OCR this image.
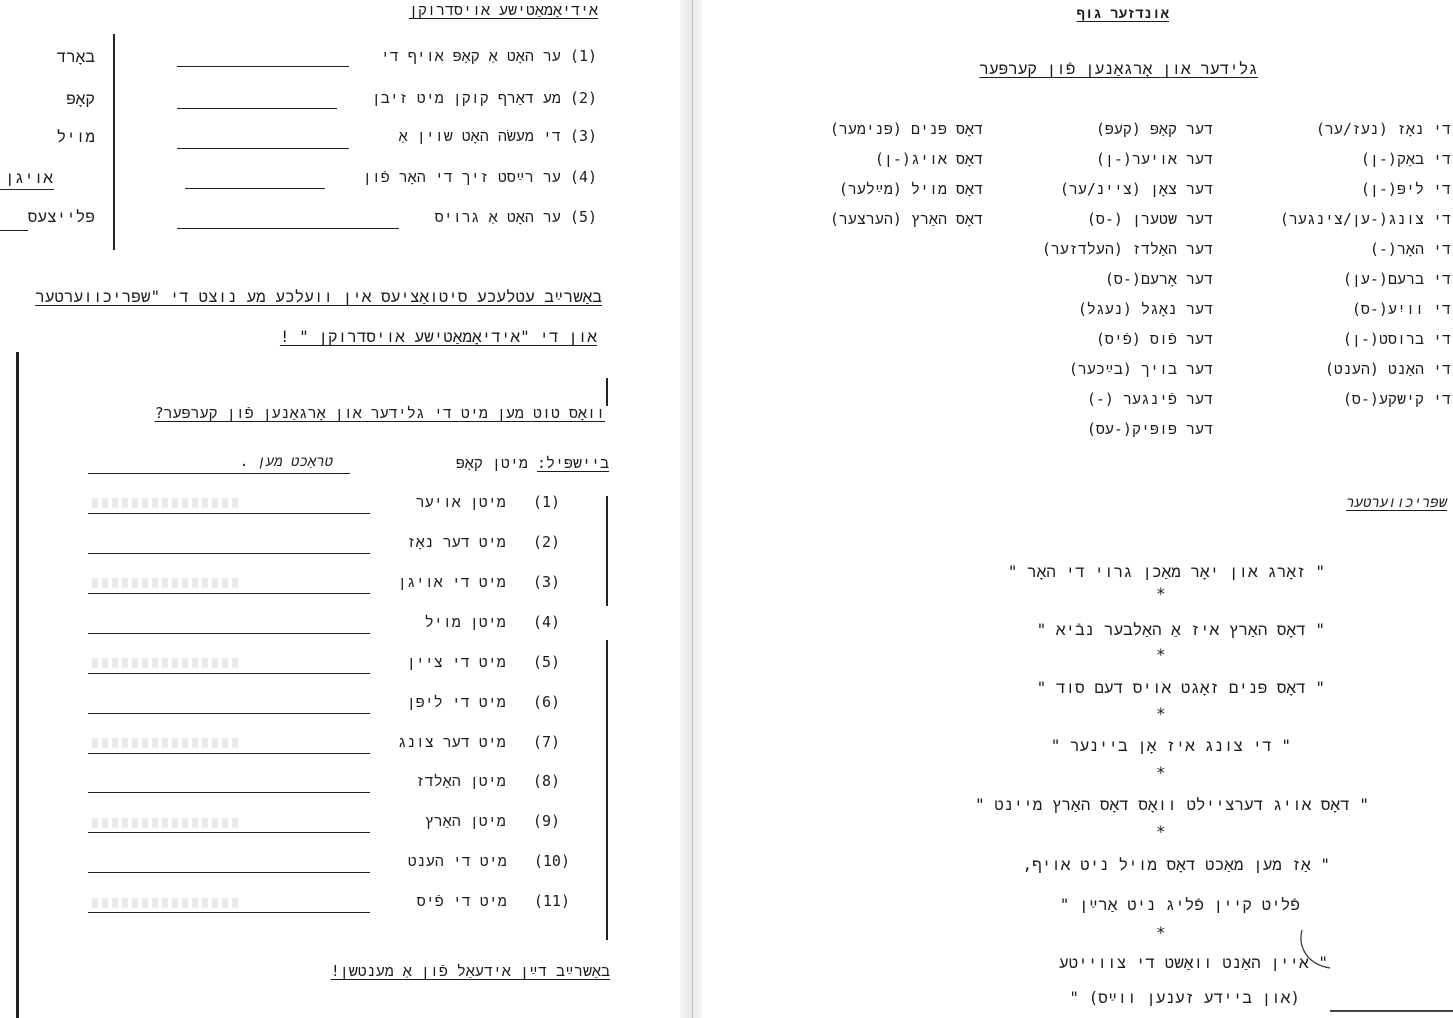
אידיאָמאַטישע אויסדרוקן
(1) ער האָט אַ קאָפּ אויף די
(2) מע דאַרף קוקן מיט זיבן
(3) די מעשׂה האָט שוין אַ
(4) ער רײַסט זיך די האָר פֿון
(5) ער האָט אַ גרויס
באָרד
קאָפּ
מויל
אויגן
פּלייצעס
באַשרײַב עטלעכע סיטואַציעס אין וועלכע מע נוצט די "שפּריכווערטער
און די "אידיאָמאַטישע אויסדרוקן " !
וואָס טוט מען מיט די גלידער און אָרגאַנען פֿון קערפּער?
ביישפּיל: מיטן קאָפּ
טראַכט מען .
(1)   מיטן אויער
(2)   מיט דער נאָז
(3)   מיט די אויגן
(4)   מיטן מויל
(5)   מיט די ציין
(6)   מיט די ליפּן
(7)   מיט דער צונג
(8)   מיטן האַלדז
(9)   מיטן האַרץ
(10)   מיט די הענט
(11)   מיט די פֿיס
באַשרײַב דײַן אידעאַל פֿון אַ מענטשן!
אונדזער גוף
גלידער און אָרגאַנען פֿון קערפּער
די נאָז (נעז/ער)
די באַק(-ן)
די ליפּ(-ן)
די צונג(-ען/צינגער)
די האָר(-)
די ברעם(-ען)
די וויִע(-ס)
די ברוסט(-ן)
די האַנט (הענט)
די קישקע(-ס)
דער קאָפּ (קעפּ)
דער אויער(-ן)
דער צאָן (ציינ/ער)
דער שטערן (-ס)
דער האַלדז (העלדזער)
דער אָרעם(-ס)
דער נאָגל (נעגל)
דער פֿוס (פֿיס)
דער בויך (בײַכער)
דער פֿינגער (-)
דער פּופּיק(-עס)
דאָס פּנים (פּנימער)
דאָס אויג(-ן)
דאָס מויל (מײַלער)
דאָס האַרץ (הערצער)
שפּריכווערטער
" זאָרג און יאָר מאַכן גרוי די האָר "
*
" דאָס האַרץ איז אַ האַלבער נבֿיא "
*
" דאָס פּנים זאָגט אויס דעם סוד "
*
" די צונג איז אָן ביינער "
*
" דאָס אויג דערציילט וואָס דאָס האַרץ מיינט "
*
" אַז מען מאַכט דאָס מויל ניט אויף,
פֿליט קיין פֿליג ניט אַרײַן "
*
" איין האַנט וואַשט די צווייטע
(און ביידע זענען ווײַס) "
